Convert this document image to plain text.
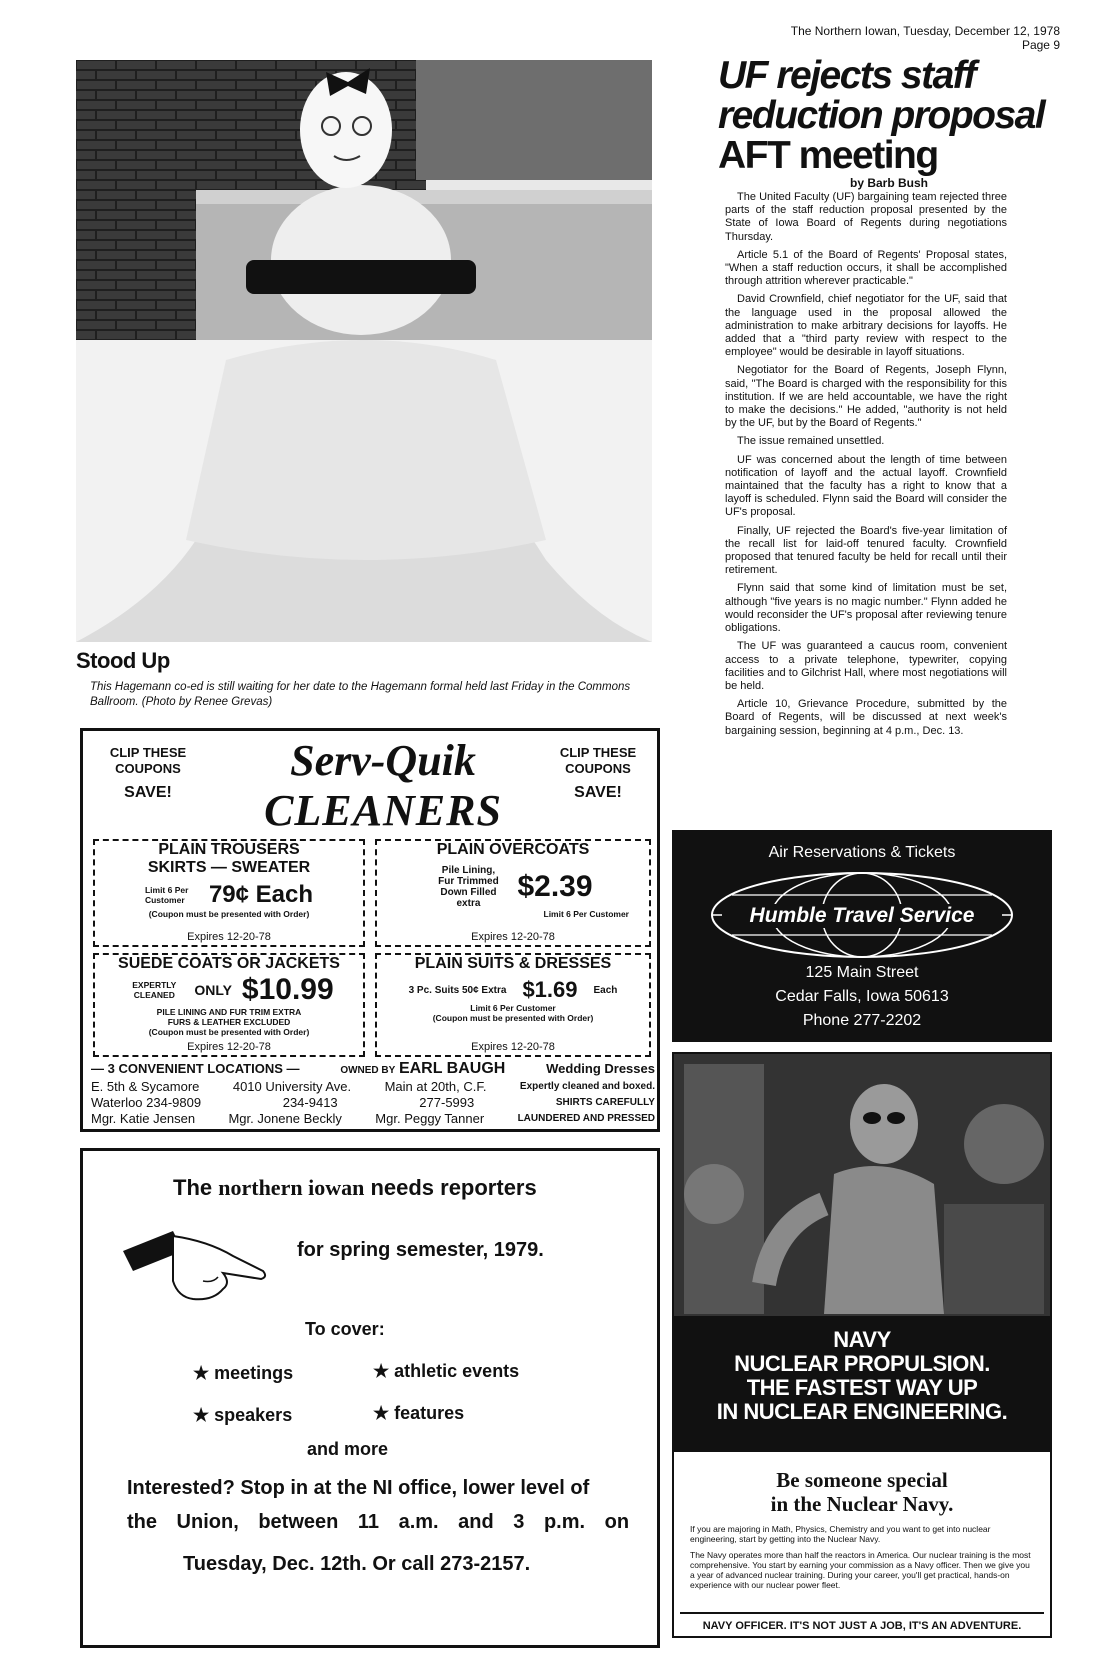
The Northern Iowan, Tuesday, December 12, 1978 Page 9
Stood Up
This Hagemann co-ed is still waiting for her date to the Hagemann formal held last Friday in the Commons Ballroom. (Photo by Renee Grevas)
UF rejects staff
reduction proposal
AFT meeting
by Barb Bush

The United Faculty (UF) bargaining team rejected three parts of the staff reduction proposal presented by the State of Iowa Board of Regents during negotiations Thursday.

Article 5.1 of the Board of Regents' Proposal states, "When a staff reduction occurs, it shall be accomplished through attrition wherever practicable."

David Crownfield, chief negotiator for the UF, said that the language used in the proposal allowed the administration to make arbitrary decisions for layoffs. He added that a "third party review with respect to the employee" would be desirable in layoff situations.

Negotiator for the Board of Regents, Joseph Flynn, said, "The Board is charged with the responsibility for this institution. If we are held accountable, we have the right to make the decisions." He added, "authority is not held by the UF, but by the Board of Regents."

The issue remained unsettled.

UF was concerned about the length of time between notification of layoff and the actual layoff. Crownfield maintained that the faculty has a right to know that a layoff is scheduled. Flynn said the Board will consider the UF's proposal.

Finally, UF rejected the Board's five-year limitation of the recall list for laid-off tenured faculty. Crownfield proposed that tenured faculty be held for recall until their retirement.

Flynn said that some kind of limitation must be set, although "five years is no magic number." Flynn added he would reconsider the UF's proposal after reviewing tenure obligations.

The UF was guaranteed a caucus room, convenient access to a private telephone, typewriter, copying facilities and to Gilchrist Hall, where most negotiations will be held.

Article 10, Grievance Procedure, submitted by the Board of Regents, will be discussed at next week's bargaining session, beginning at 4 p.m., Dec. 13.

CLIP THESE COUPONS
SAVE!
CLIP THESE COUPONS
SAVE!
Serv-Quik
CLEANERS
PLAIN TROUSERS
SKIRTS — SWEATER
Limit 6 Per Customer	79¢ Each
(Coupon must be presented with Order)
Expires 12-20-78
PLAIN OVERCOATS
Pile Lining, Fur Trimmed Down Filled extra
$2.39
Limit 6 Per Customer
Expires 12-20-78
SUEDE COATS OR JACKETS
EXPERTLY CLEANED	ONLY $10.99
PILE LINING AND FUR TRIM EXTRA
FURS & LEATHER EXCLUDED
(Coupon must be presented with Order)
Expires 12-20-78
PLAIN SUITS & DRESSES
3 Pc. Suits 50¢ Extra $1.69 Each
Limit 6 Per Customer
(Coupon must be presented with Order)
Expires 12-20-78
— 3 CONVENIENT LOCATIONS —	OWNED BY EARL BAUGH	Wedding Dresses
E. 5th & Sycamore	4010 University Ave.	Main at 20th, C.F.	Expertly cleaned and boxed.
Waterloo 234-9809	234-9413	277-5993	SHIRTS CAREFULLY
Mgr. Katie Jensen	Mgr. Jonene Beckly	Mgr. Peggy Tanner	LAUNDERED AND PRESSED
The northern iowan needs reporters
for spring semester, 1979.
To cover:
★ meetings	★ athletic events
★ speakers	★ features
and more
Interested? Stop in at the NI office, lower level of
the Union, between 11 a.m. and 3 p.m. on
Tuesday, Dec. 12th. Or call 273-2157.
Air Reservations & Tickets
Humble Travel Service
125 Main Street
Cedar Falls, Iowa 50613
Phone 277-2202
NAVY
NUCLEAR PROPULSION.
THE FASTEST WAY UP
IN NUCLEAR ENGINEERING.
Be someone special
in the Nuclear Navy.
If you are majoring in Math, Physics, Chemistry and you want to get into nuclear engineering, start by getting into the Nuclear Navy.
The Navy operates more than half the reactors in America. Our nuclear training is the most comprehensive. You start by earning your commission as a Navy officer. Then we give you a year of advanced nuclear training. During your career, you'll get practical, hands-on experience with our nuclear power fleet.
NAVY OFFICER. IT'S NOT JUST A JOB, IT'S AN ADVENTURE.
